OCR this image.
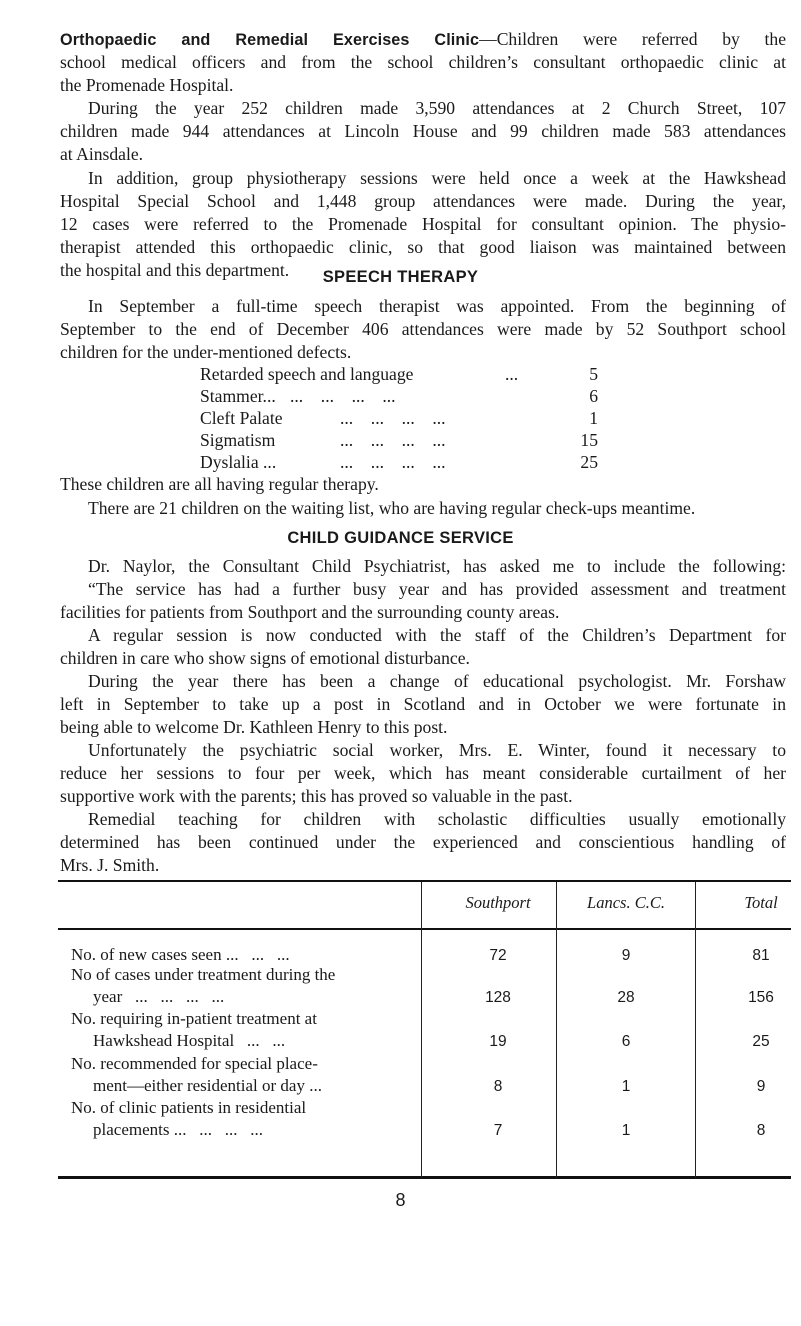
Orthopaedic and Remedial Exercises Clinic—Children were referred by the
school medical officers and from the school children’s consultant orthopaedic clinic at
the Promenade Hospital.
During the year 252 children made 3,590 attendances at 2 Church Street, 107
children made 944 attendances at Lincoln House and 99 children made 583 attendances
at Ainsdale.
In addition, group physiotherapy sessions were held once a week at the Hawkshead
Hospital Special School and 1,448 group attendances were made. During the year,
12 cases were referred to the Promenade Hospital for consultant opinion. The physio-
therapist attended this orthopaedic clinic, so that good liaison was maintained between
the hospital and this department.	SPEECH THERAPY
In September a full-time speech therapist was appointed. From the beginning of
September to the end of December 406 attendances were made by 52 Southport school
children for the under-mentioned defects.
Retarded speech and language	...	5
Stammer... ...    ...    ...    ...	6
Cleft Palate	...    ...    ...    ...	1
Sigmatism	...    ...    ...    ...	15
Dyslalia ...	...    ...    ...    ...	25
These children are all having regular therapy.
There are 21 children on the waiting list, who are having regular check-ups meantime.
CHILD GUIDANCE SERVICE
Dr. Naylor, the Consultant Child Psychiatrist, has asked me to include the following:
“The service has had a further busy year and has provided assessment and treatment
facilities for patients from Southport and the surrounding county areas.
A regular session is now conducted with the staff of the Children’s Department for
children in care who show signs of emotional disturbance.
During the year there has been a change of educational psychologist. Mr. Forshaw
left in September to take up a post in Scotland and in October we were fortunate in
being able to welcome Dr. Kathleen Henry to this post.
Southport	Lancs. C.C.	Total
No. of new cases seen ...   ...   ...	72	9	81
No of cases under treatment during the
year   ...   ...   ...   ...	128	28	156
No. requiring in-patient treatment at
Hawkshead Hospital   ...   ...	19	6	25
No. recommended for special place-
ment—either residential or day ...	8	1	9
No. of clinic patients in residential
placements ...   ...   ...   ...	7	1	8
8
Unfortunately the psychiatric social worker, Mrs. E. Winter, found it necessary to
reduce her sessions to four per week, which has meant considerable curtailment of her
supportive work with the parents; this has proved so valuable in the past.
Remedial teaching for children with scholastic difficulties usually emotionally
determined has been continued under the experienced and conscientious handling of
Mrs. J. Smith.
